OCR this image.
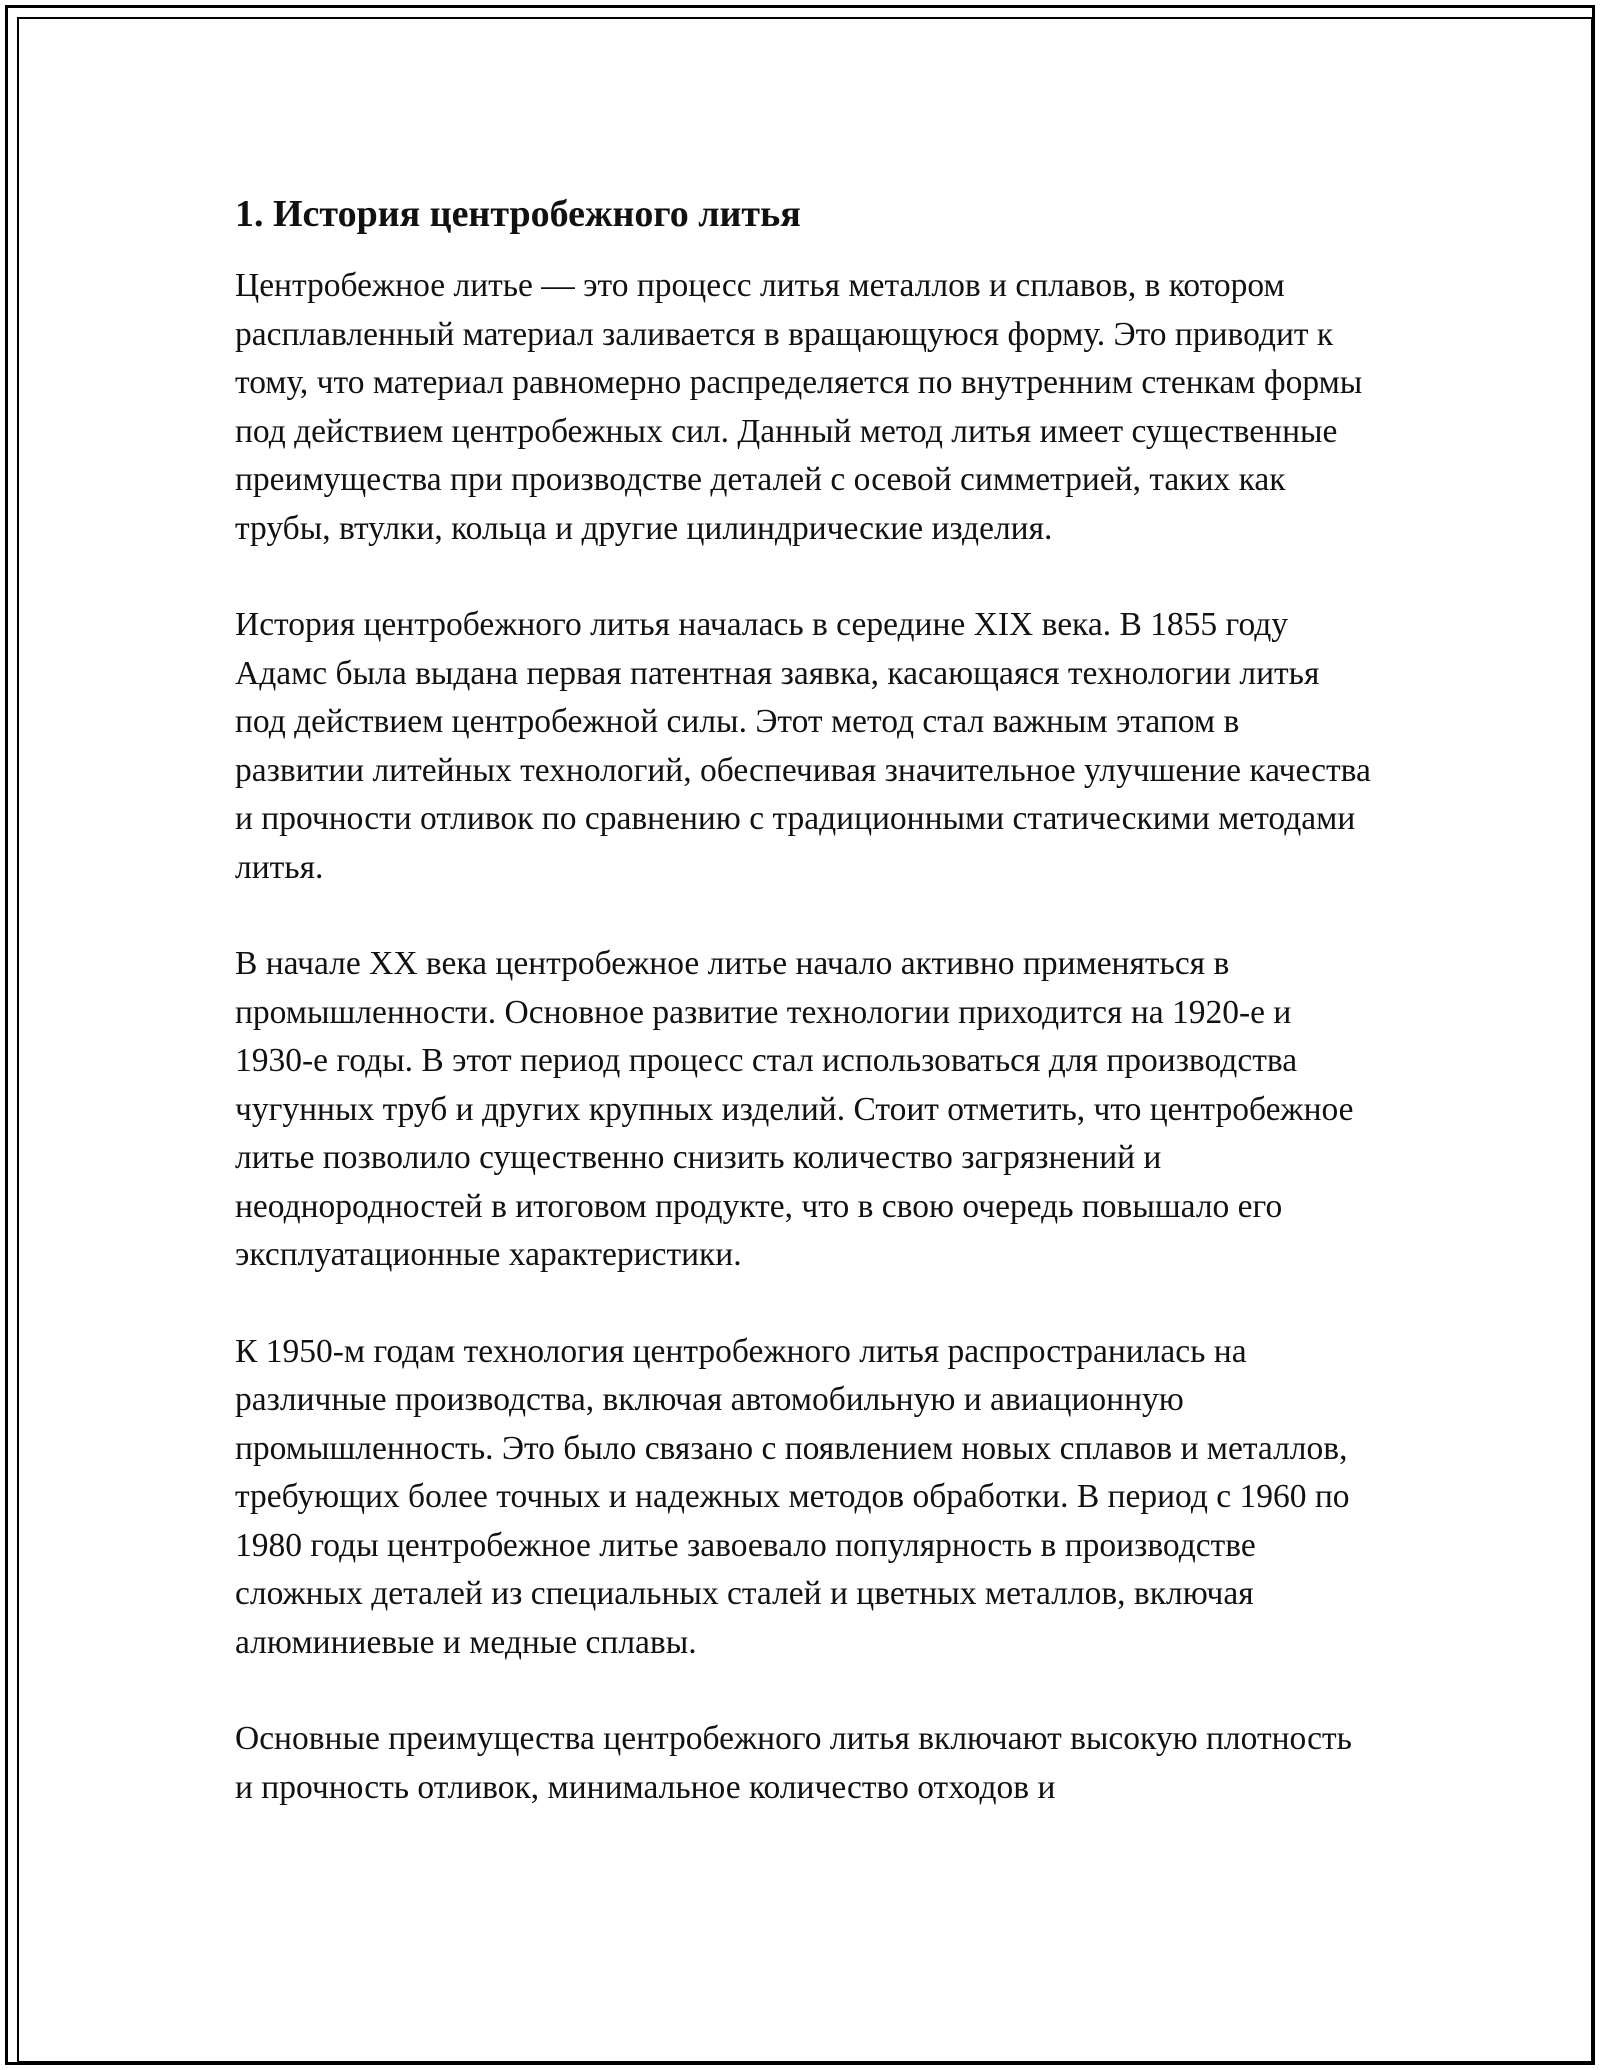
1. История центробежного литья

Центробежное литье — это процесс литья металлов и сплавов, в котором расплавленный материал заливается в вращающуюся форму. Это приводит к тому, что материал равномерно распределяется по внутренним стенкам формы под действием центробежных сил. Данный метод литья имеет существенные преимущества при производстве деталей с осевой симметрией, таких как трубы, втулки, кольца и другие цилиндрические изделия.

История центробежного литья началась в середине XIX века. В 1855 году Адамс была выдана первая патентная заявка, касающаяся технологии литья под действием центробежной силы. Этот метод стал важным этапом в развитии литейных технологий, обеспечивая значительное улучшение качества и прочности отливок по сравнению с традиционными статическими методами литья.

В начале XX века центробежное литье начало активно применяться в промышленности. Основное развитие технологии приходится на 1920-е и 1930-е годы. В этот период процесс стал использоваться для производства чугунных труб и других крупных изделий. Стоит отметить, что центробежное литье позволило существенно снизить количество загрязнений и неоднородностей в итоговом продукте, что в свою очередь повышало его эксплуатационные характеристики.

К 1950-м годам технология центробежного литья распространилась на различные производства, включая автомобильную и авиационную промышленность. Это было связано с появлением новых сплавов и металлов, требующих более точных и надежных методов обработки. В период с 1960 по 1980 годы центробежное литье завоевало популярность в производстве сложных деталей из специальных сталей и цветных металлов, включая алюминиевые и медные сплавы.

Основные преимущества центробежного литья включают высокую плотность и прочность отливок, минимальное количество отходов и
